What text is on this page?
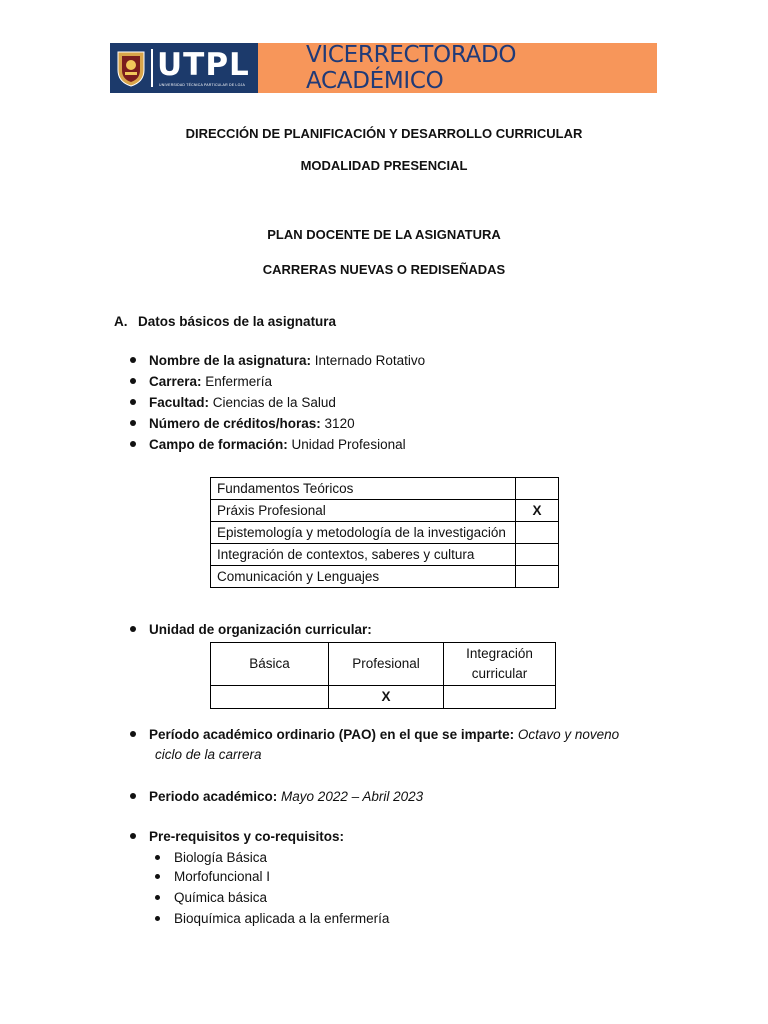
UTPL
UNIVERSIDAD TÉCNICA PARTICULAR DE LOJA
VICERRECTORADO ACADÉMICO
DIRECCIÓN DE PLANIFICACIÓN Y DESARROLLO CURRICULAR
MODALIDAD PRESENCIAL
PLAN DOCENTE DE LA ASIGNATURA
CARRERAS NUEVAS O REDISEÑADAS
A. Datos básicos de la asignatura
Nombre de la asignatura: Internado Rotativo
Carrera: Enfermería
Facultad: Ciencias de la Salud
Número de créditos/horas: 3120
Campo de formación: Unidad Profesional
Fundamentos Teóricos	
Práxis Profesional	X
Epistemología y metodología de la investigación	
Integración de contextos, saberes y cultura	
Comunicación y Lenguajes	
Unidad de organización curricular:
Básica	Profesional	Integración curricular
	X	
Período académico ordinario (PAO) en el que se imparte: Octavo y noveno
ciclo de la carrera
Periodo académico: Mayo 2022 – Abril 2023
Pre-requisitos y co-requisitos:
Biología Básica
Morfofuncional I
Química básica
Bioquímica aplicada a la enfermería
